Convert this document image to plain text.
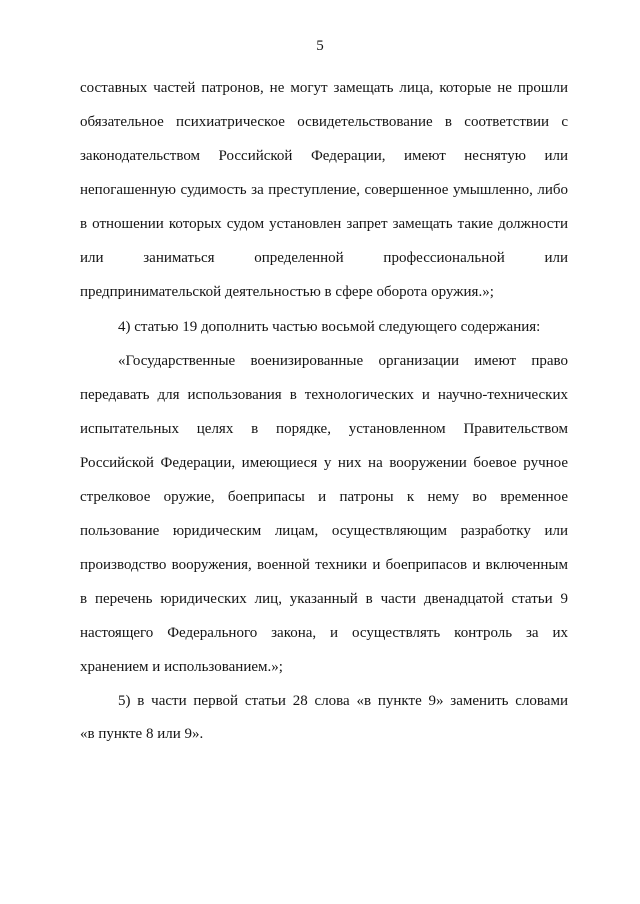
5
составных частей патронов, не могут замещать лица, которые не прошли
обязательное психиатрическое освидетельствование в соответствии с
законодательством Российской Федерации, имеют неснятую или
непогашенную судимость за преступление, совершенное умышленно, либо
в отношении которых судом установлен запрет замещать такие должности
или заниматься определенной профессиональной или
предпринимательской деятельностью в сфере оборота оружия.»;
4) статью 19 дополнить частью восьмой следующего содержания:
«Государственные военизированные организации имеют право
передавать для использования в технологических и научно-технических
испытательных целях в порядке, установленном Правительством
Российской Федерации, имеющиеся у них на вооружении боевое ручное
стрелковое оружие, боеприпасы и патроны к нему во временное
пользование юридическим лицам, осуществляющим разработку или
производство вооружения, военной техники и боеприпасов и включенным
в перечень юридических лиц, указанный в части двенадцатой статьи 9
настоящего Федерального закона, и осуществлять контроль за их
хранением и использованием.»;
5) в части первой статьи 28 слова «в пункте 9» заменить словами
«в пункте 8 или 9».
